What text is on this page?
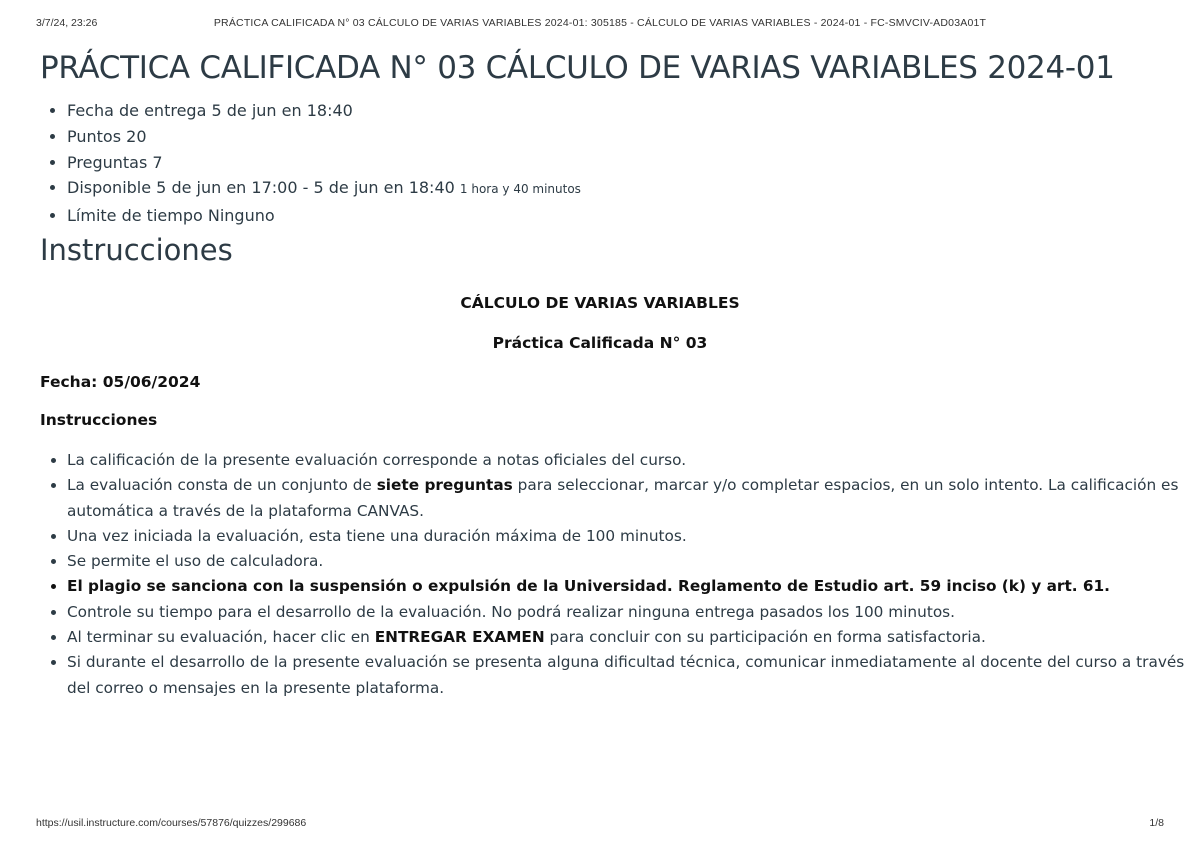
3/7/24, 23:26	PRÁCTICA CALIFICADA N° 03 CÁLCULO DE VARIAS VARIABLES 2024-01: 305185 - CÁLCULO DE VARIAS VARIABLES - 2024-01 - FC-SMVCIV-AD03A01T
PRÁCTICA CALIFICADA N° 03 CÁLCULO DE VARIAS VARIABLES 2024-01
• Fecha de entrega 5 de jun en 18:40
• Puntos 20
• Preguntas 7
• Disponible 5 de jun en 17:00 - 5 de jun en 18:40 1 hora y 40 minutos
• Límite de tiempo Ninguno
Instrucciones
CÁLCULO DE VARIAS VARIABLES
Práctica Calificada N° 03
Fecha: 05/06/2024
Instrucciones
• La calificación de la presente evaluación corresponde a notas oficiales del curso.
• La evaluación consta de un conjunto de siete preguntas para seleccionar, marcar y/o completar espacios, en un solo intento. La calificación es automática a través de la plataforma CANVAS.
• Una vez iniciada la evaluación, esta tiene una duración máxima de 100 minutos.
• Se permite el uso de calculadora.
• El plagio se sanciona con la suspensión o expulsión de la Universidad. Reglamento de Estudio art. 59 inciso (k) y art. 61.
• Controle su tiempo para el desarrollo de la evaluación. No podrá realizar ninguna entrega pasados los 100 minutos.
• Al terminar su evaluación, hacer clic en ENTREGAR EXAMEN para concluir con su participación en forma satisfactoria.
• Si durante el desarrollo de la presente evaluación se presenta alguna dificultad técnica, comunicar inmediatamente al docente del curso a través del correo o mensajes en la presente plataforma.
https://usil.instructure.com/courses/57876/quizzes/299686	1/8
